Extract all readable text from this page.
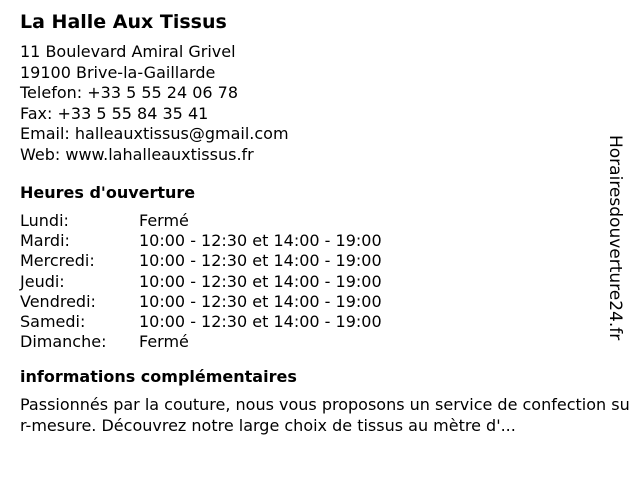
La Halle Aux Tissus
11 Boulevard Amiral Grivel
19100 Brive-la-Gaillarde
Telefon: +33 5 55 24 06 78
Fax: +33 5 55 84 35 41
Email: halleauxtissus@gmail.com
Web: www.lahalleauxtissus.fr
Heures d'ouverture
Lundi:	Fermé
Mardi:	10:00 - 12:30 et 14:00 - 19:00
Mercredi:	10:00 - 12:30 et 14:00 - 19:00
Jeudi:	10:00 - 12:30 et 14:00 - 19:00
Vendredi:	10:00 - 12:30 et 14:00 - 19:00
Samedi:	10:00 - 12:30 et 14:00 - 19:00
Dimanche:	Fermé
informations complémentaires
Passionnés par la couture, nous vous proposons un service de confection sur-mesure. Découvrez notre large choix de tissus au mètre d'...
Horairesdouverture24.fr
